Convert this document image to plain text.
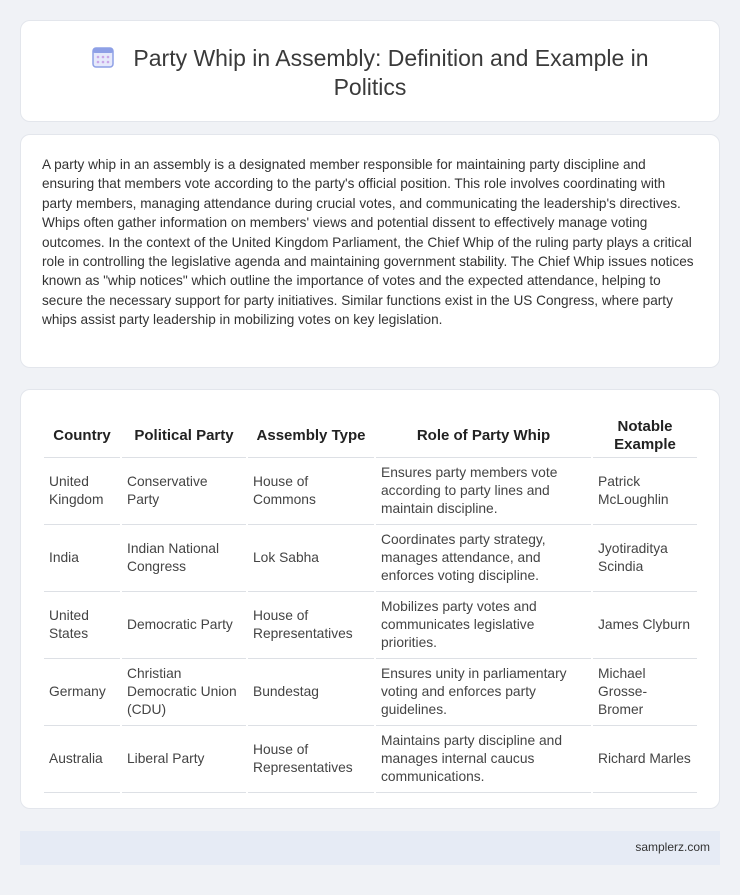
Party Whip in Assembly: Definition and Example in Politics

A party whip in an assembly is a designated member responsible for maintaining party discipline and ensuring that members vote according to the party's official position. This role involves coordinating with party members, managing attendance during crucial votes, and communicating the leadership's directives. Whips often gather information on members' views and potential dissent to effectively manage voting outcomes. In the context of the United Kingdom Parliament, the Chief Whip of the ruling party plays a critical role in controlling the legislative agenda and maintaining government stability. The Chief Whip issues notices known as "whip notices" which outline the importance of votes and the expected attendance, helping to secure the necessary support for party initiatives. Similar functions exist in the US Congress, where party whips assist party leadership in mobilizing votes on key legislation.

Country	Political Party	Assembly Type	Role of Party Whip	Notable Example
United Kingdom	Conservative Party	House of Commons	Ensures party members vote according to party lines and maintain discipline.	Patrick McLoughlin
India	Indian National Congress	Lok Sabha	Coordinates party strategy, manages attendance, and enforces voting discipline.	Jyotiraditya Scindia
United States	Democratic Party	House of Representatives	Mobilizes party votes and communicates legislative priorities.	James Clyburn
Germany	Christian Democratic Union (CDU)	Bundestag	Ensures unity in parliamentary voting and enforces party guidelines.	Michael Grosse-Bromer
Australia	Liberal Party	House of Representatives	Maintains party discipline and manages internal caucus communications.	Richard Marles
samplerz.com
